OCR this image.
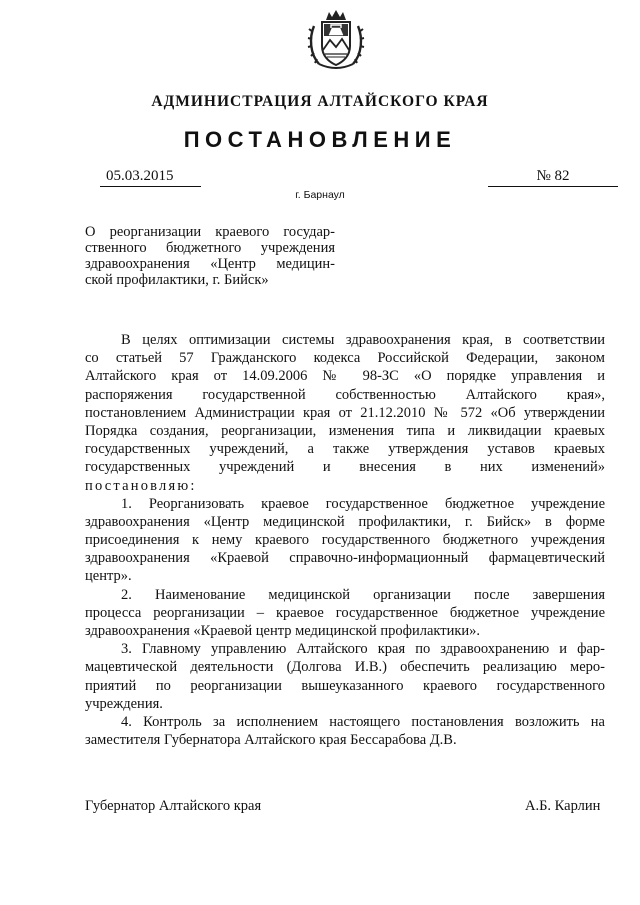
АДМИНИСТРАЦИЯ АЛТАЙСКОГО КРАЯ
ПОСТАНОВЛЕНИЕ
05.03.2015	№ 82
г. Барнаул
О реорганизации краевого государ-
ственного бюджетного учреждения
здравоохранения «Центр медицин-
ской профилактики, г. Бийск»
В целях оптимизации системы здравоохранения края, в соответствии
со статьей 57 Гражданского кодекса Российской Федерации, законом
Алтайского края от 14.09.2006 № 98-ЗС «О порядке управления и
распоряжения государственной собственностью Алтайского края»,
постановлением Администрации края от 21.12.2010 № 572 «Об утверждении
Порядка создания, реорганизации, изменения типа и ликвидации краевых
государственных учреждений, а также утверждения уставов краевых
государственных учреждений и внесения в них изменений»
постановляю:
1. Реорганизовать краевое государственное бюджетное учреждение
здравоохранения «Центр медицинской профилактики, г. Бийск» в форме
присоединения к нему краевого государственного бюджетного учреждения
здравоохранения «Краевой справочно-информационный фармацевтический
центр».
2. Наименование медицинской организации после завершения
процесса реорганизации – краевое государственное бюджетное учреждение
здравоохранения «Краевой центр медицинской профилактики».
3. Главному управлению Алтайского края по здравоохранению и фар-
мацевтической деятельности (Долгова И.В.) обеспечить реализацию меро-
приятий по реорганизации вышеуказанного краевого государственного
учреждения.
4. Контроль за исполнением настоящего постановления возложить на
заместителя Губернатора Алтайского края Бессарабова Д.В.
Губернатор Алтайского края	А.Б. Карлин
